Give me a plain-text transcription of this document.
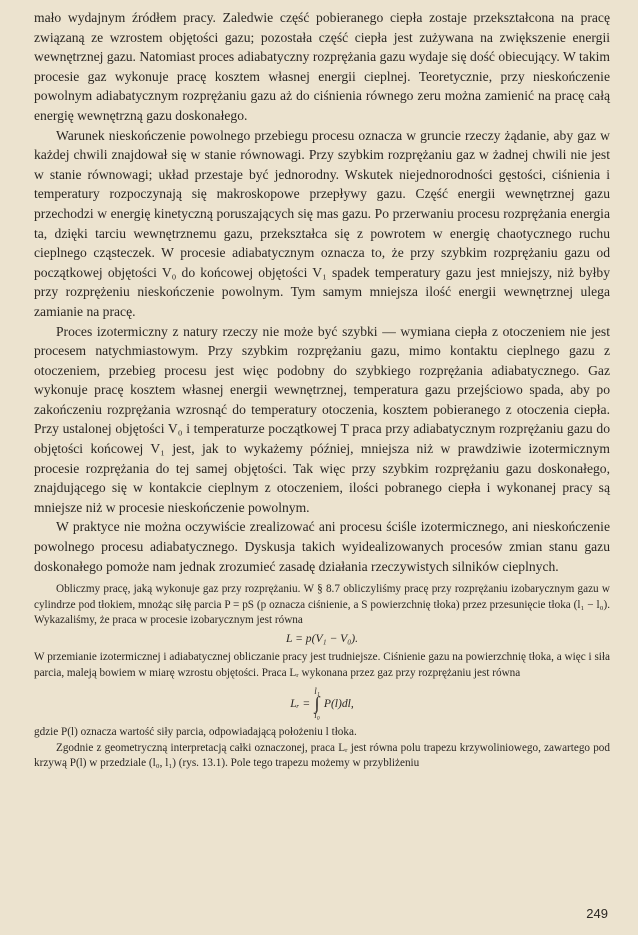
mało wydajnym źródłem pracy. Zaledwie część pobieranego ciepła zostaje przekształcona na pracę związaną ze wzrostem objętości gazu; pozostała część ciepła jest zużywana na zwiększenie energii wewnętrznej gazu. Natomiast proces adiabatyczny rozprężania gazu wydaje się dość obiecujący. W takim procesie gaz wykonuje pracę kosztem własnej energii cieplnej. Teoretycznie, przy nieskończenie powolnym adiabatycznym rozprężaniu gazu aż do ciśnienia równego zeru można zamienić na pracę całą energię wewnętrzną gazu doskonałego.

Warunek nieskończenie powolnego przebiegu procesu oznacza w gruncie rzeczy żądanie, aby gaz w każdej chwili znajdował się w stanie równowagi. Przy szybkim rozprężaniu gaz w żadnej chwili nie jest w stanie równowagi; układ przestaje być jednorodny. Wskutek niejednorodności gęstości, ciśnienia i temperatury rozpoczynają się makroskopowe przepływy gazu. Część energii wewnętrznej gazu przechodzi w energię kinetyczną poruszających się mas gazu. Po przerwaniu procesu rozprężania energia ta, dzięki tarciu wewnętrznemu gazu, przekształca się z powrotem w energię chaotycznego ruchu cieplnego cząsteczek. W procesie adiabatycznym oznacza to, że przy szybkim rozprężaniu gazu od początkowej objętości V₀ do końcowej objętości V₁ spadek temperatury gazu jest mniejszy, niż byłby przy rozprężeniu nieskończenie powolnym. Tym samym mniejsza ilość energii wewnętrznej ulega zamianie na pracę.

Proces izotermiczny z natury rzeczy nie może być szybki — wymiana ciepła z otoczeniem nie jest procesem natychmiastowym. Przy szybkim rozprężaniu gazu, mimo kontaktu cieplnego gazu z otoczeniem, przebieg procesu jest więc podobny do szybkiego rozprężania adiabatycznego. Gaz wykonuje pracę kosztem własnej energii wewnętrznej, temperatura gazu przejściowo spada, aby po zakończeniu rozprężania wzrosnąć do temperatury otoczenia, kosztem pobieranego z otoczenia ciepła. Przy ustalonej objętości V₀ i temperaturze początkowej T praca przy adiabatycznym rozprężaniu gazu do objętości końcowej V₁ jest, jak to wykażemy później, mniejsza niż w prawdziwie izotermicznym procesie rozprężania do tej samej objętości. Tak więc przy szybkim rozprężaniu gazu doskonałego, znajdującego się w kontakcie cieplnym z otoczeniem, ilości pobranego ciepła i wykonanej pracy są mniejsze niż w procesie nieskończenie powolnym.

W praktyce nie można oczywiście zrealizować ani procesu ściśle izotermicznego, ani nieskończenie powolnego procesu adiabatycznego. Dyskusja takich wyidealizowanych procesów zmian stanu gazu doskonałego pomoże nam jednak zrozumieć zasadę działania rzeczywistych silników cieplnych.

Obliczmy pracę, jaką wykonuje gaz przy rozprężaniu. W § 8.7 obliczyliśmy pracę przy rozprężaniu izobarycznym gazu w cylindrze pod tłokiem, mnożąc siłę parcia P = pS (p oznacza ciśnienie, a S powierzchnię tłoka) przez przesunięcie tłoka (l₁ − l₀). Wykazaliśmy, że praca w procesie izobarycznym jest równa

L = p(V₁ − V₀).

W przemianie izotermicznej i adiabatycznej obliczanie pracy jest trudniejsze. Ciśnienie gazu na powierzchnię tłoka, a więc i siła parcia, maleją bowiem w miarę wzrostu objętości. Praca Lᵣ wykonana przez gaz przy rozprężaniu jest równa

Lᵣ =
l₁
∫
l₀
P(l)dl,

gdzie P(l) oznacza wartość siły parcia, odpowiadającą położeniu l tłoka.

Zgodnie z geometryczną interpretacją całki oznaczonej, praca Lᵣ jest równa polu trapezu krzywoliniowego, zawartego pod krzywą P(l) w przedziale (l₀, l₁) (rys. 13.1). Pole tego trapezu możemy w przybliżeniu

249
